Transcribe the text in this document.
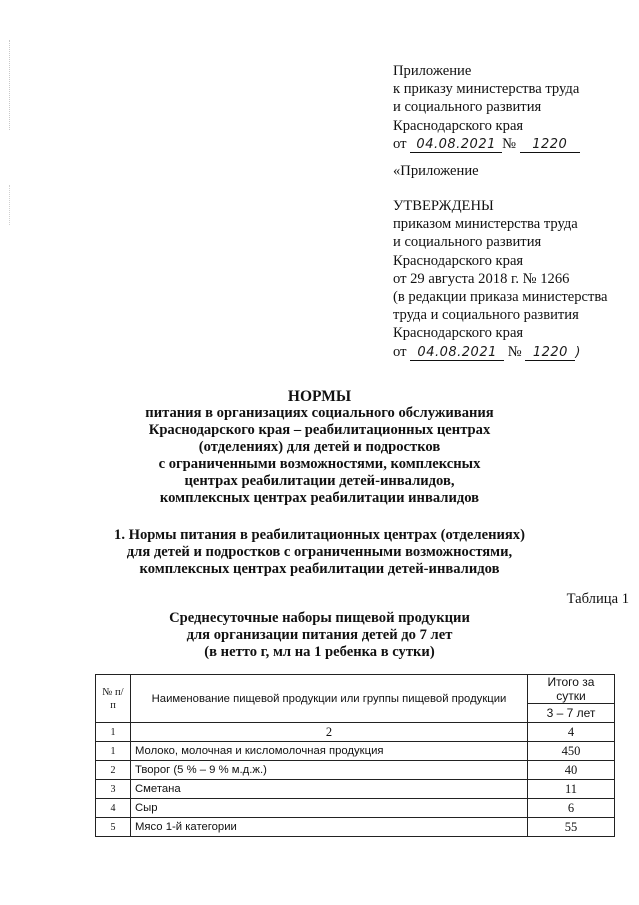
Приложение
к приказу министерства труда
и социального развития
Краснодарского края
от 04.08.2021 № 1220
«Приложение
УТВЕРЖДЕНЫ
приказом министерства труда
и социального развития
Краснодарского края
от 29 августа 2018 г. № 1266
(в редакции приказа министерства
труда и социального развития
Краснодарского края
от 04.08.2021 № 1220 )
НОРМЫ
питания в организациях социального обслуживания
Краснодарского края – реабилитационных центрах
(отделениях) для детей и подростков
с ограниченными возможностями, комплексных
центрах реабилитации детей-инвалидов,
комплексных центрах реабилитации инвалидов
1. Нормы питания в реабилитационных центрах (отделениях)
для детей и подростков с ограниченными возможностями,
комплексных центрах реабилитации детей-инвалидов
Таблица 1
Среднесуточные наборы пищевой продукции
для организации питания детей до 7 лет
(в нетто г, мл на 1 ребенка в сутки)
№ п/п	Наименование пищевой продукции или группы пищевой продукции	Итого за сутки
		3 – 7 лет
1	2	4
1	Молоко, молочная и кисломолочная продукция	450
2	Творог (5 % – 9 % м.д.ж.)	40
3	Сметана	11
4	Сыр	6
5	Мясо 1-й категории	55
